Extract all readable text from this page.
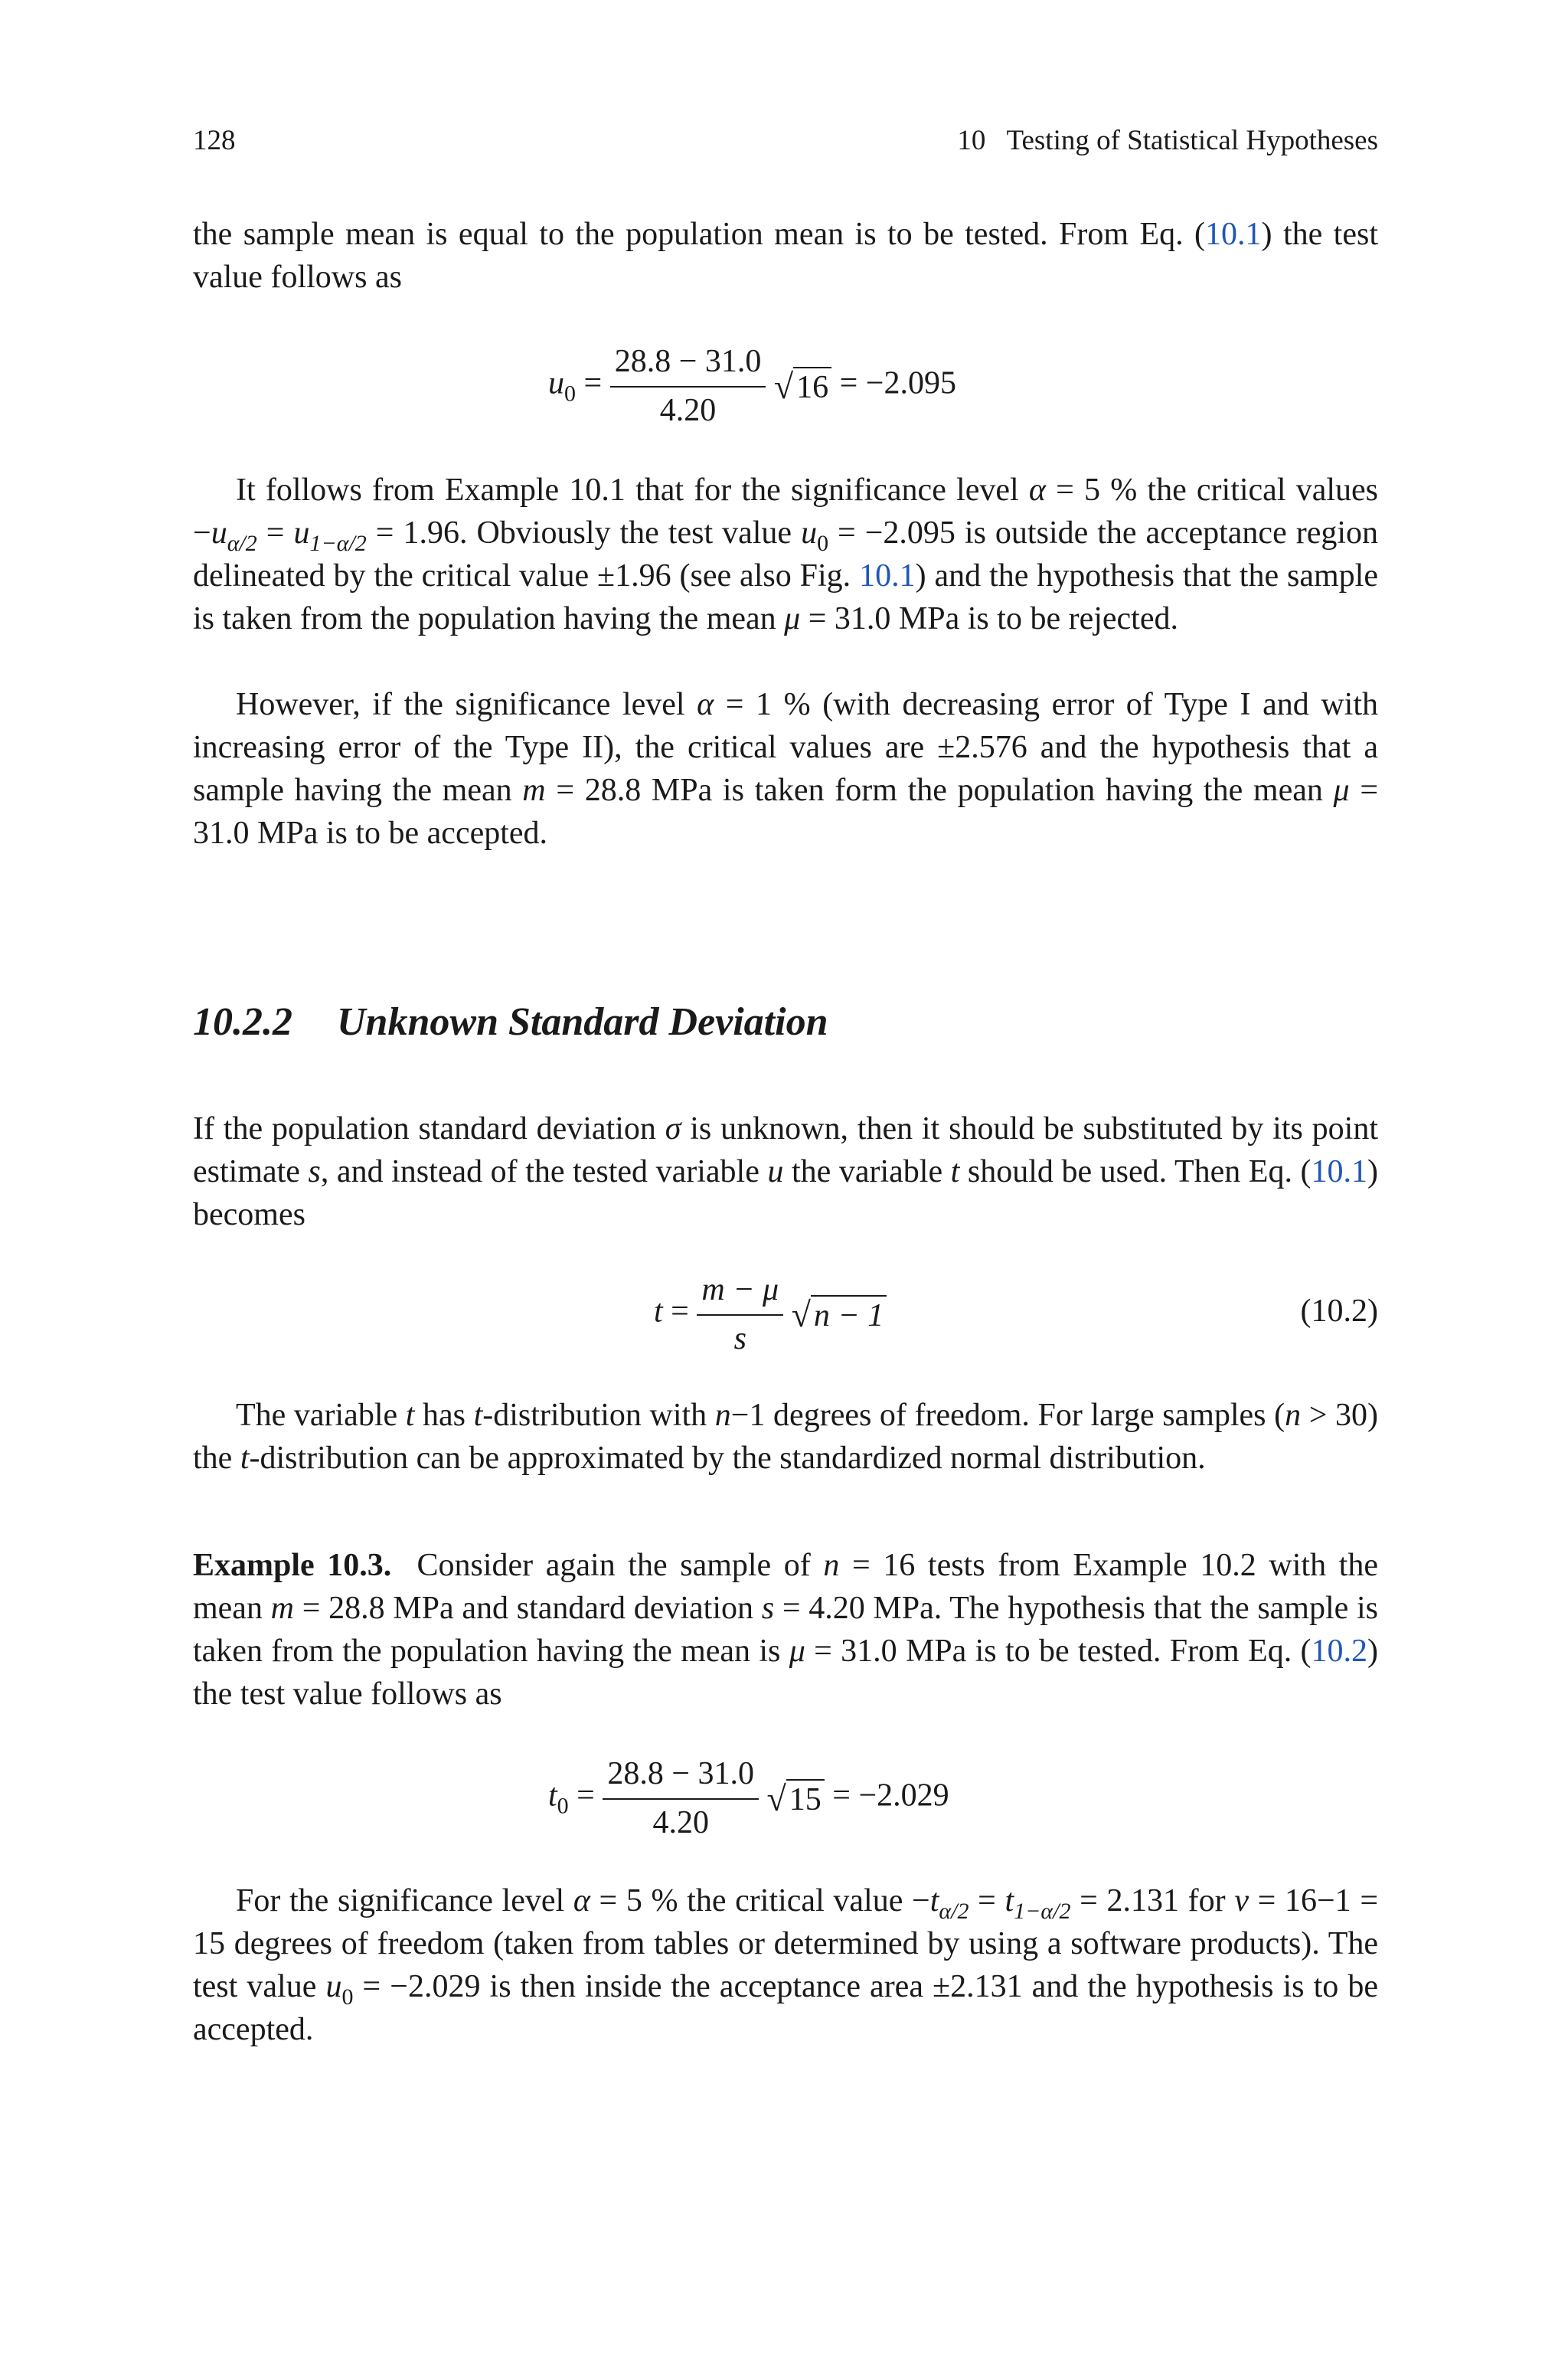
128	10   Testing of Statistical Hypotheses
the sample mean is equal to the population mean is to be tested. From Eq. (10.1) the test value follows as
$u_0 = \frac{28.8 - 31.0}{4.20} √16 = -2.095$
It follows from Example 10.1 that for the significance level α = 5 % the critical values $-u_{\alpha/2} = u_{1-\alpha/2} = 1.96$. Obviously the test value $u_0 = -2.095$ is outside the acceptance region delineated by the critical value ±1.96 (see also Fig. 10.1) and the hypothesis that the sample is taken from the population having the mean μ = 31.0 MPa is to be rejected.
However, if the significance level α = 1 % (with decreasing error of Type I and with increasing error of the Type II), the critical values are ±2.576 and the hypothesis that a sample having the mean m = 28.8 MPa is taken form the population having the mean μ = 31.0 MPa is to be accepted.
10.2.2 Unknown Standard Deviation
If the population standard deviation σ is unknown, then it should be substituted by its point estimate s, and instead of the tested variable u the variable t should be used. Then Eq. (10.1) becomes
$t = \frac{m - \mu}{s} √n - 1$	(10.2)
The variable t has t-distribution with n−1 degrees of freedom. For large samples (n > 30) the t-distribution can be approximated by the standardized normal distribution.
Example 10.3.  Consider again the sample of n = 16 tests from Example 10.2 with the mean m = 28.8 MPa and standard deviation s = 4.20 MPa. The hypothesis that the sample is taken from the population having the mean is μ = 31.0 MPa is to be tested. From Eq. (10.2) the test value follows as
$t_0 = \frac{28.8 - 31.0}{4.20} √15 = -2.029$
For the significance level α = 5 % the critical value $-t_{\alpha/2} = t_{1-\alpha/2} = 2.131$ for ν = 16−1 = 15 degrees of freedom (taken from tables or determined by using a software products). The test value $u_0 = -2.029$ is then inside the acceptance area ±2.131 and the hypothesis is to be accepted.
